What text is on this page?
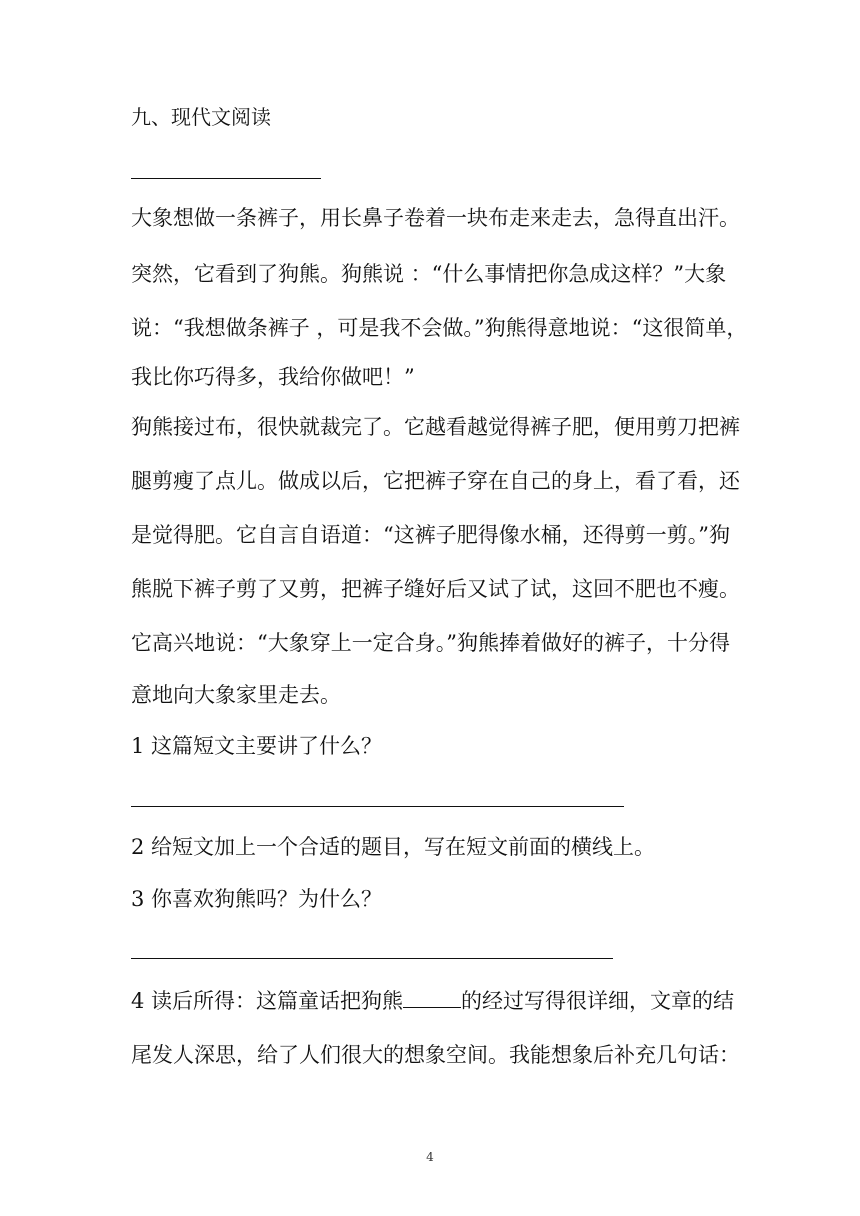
九、现代文阅读
大象想做一条裤子，用长鼻子卷着一块布走来走去，急得直出汗。
突然，它看到了狗熊。狗熊说 ：“什么事情把你急成这样？”大象
说：“我想做条裤子 ，可是我不会做。”狗熊得意地说：“这很简单，
我比你巧得多，我给你做吧！”
狗熊接过布，很快就裁完了。它越看越觉得裤子肥，便用剪刀把裤
腿剪瘦了点儿。做成以后，它把裤子穿在自己的身上，看了看，还
是觉得肥。它自言自语道：“这裤子肥得像水桶，还得剪一剪。”狗
熊脱下裤子剪了又剪，把裤子缝好后又试了试，这回不肥也不瘦。
它高兴地说：“大象穿上一定合身。”狗熊捧着做好的裤子，十分得
意地向大象家里走去。
1 这篇短文主要讲了什么？
2 给短文加上一个合适的题目，写在短文前面的横线上。
3 你喜欢狗熊吗？为什么？
4 读后所得：这篇童话把狗熊	的经过写得很详细，文章的结
尾发人深思，给了人们很大的想象空间。我能想象后补充几句话：
4
